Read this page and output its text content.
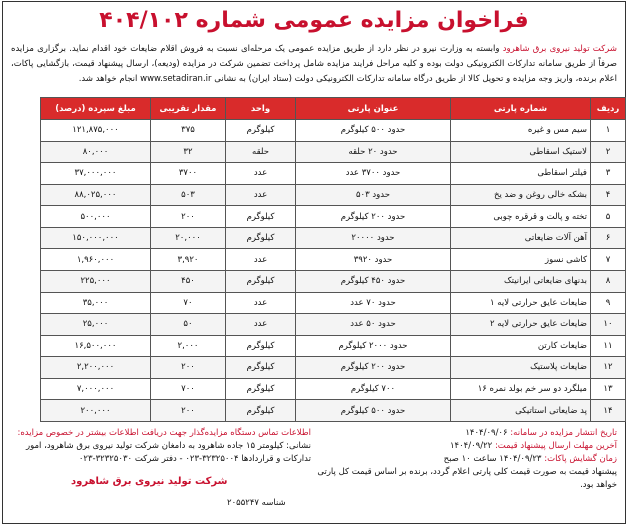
فراخوان مزایده عمومی شماره ۴۰۴/۱۰۲
شرکت تولید نیروی برق شاهرود وابسته به وزارت نیرو در نظر دارد از طریق مزایده عمومی یک مرحله‌ای نسبت به فروش اقلام ضایعات خود اقدام نماید. برگزاری مزایده صرفاً از طریق سامانه تدارکات الکترونیکی دولت بوده و کلیه مراحل فرایند مزایده شامل پرداخت تضمین شرکت در مزایده (ودیعه)، ارسال پیشنهاد قیمت، بازگشایی پاکات، اعلام برنده، واریز وجه مزایده و تحویل کالا از طریق درگاه سامانه تدارکات الکترونیکی دولت (ستاد ایران) به نشانی www.setadiran.ir انجام خواهد شد.
ردیف	شماره پارتی	عنوان پارتی	واحد	مقدار تقریبی	مبلغ سپرده (درصد)
۱	سیم مس و غیره	حدود ۵۰۰ کیلوگرم	کیلوگرم	۳۷۵	۱۲۱,۸۷۵,۰۰۰
۲	لاستیک اسقاطی	حدود ۲۰ حلقه	حلقه	۳۲	۸۰,۰۰۰
۳	فیلتر اسقاطی	حدود ۳۷۰۰ عدد	عدد	۳۷۰۰	۳۷,۰۰۰,۰۰۰
۴	بشکه خالی روغن و ضد یخ	حدود ۵۰۳	عدد	۵۰۳	۸۸,۰۲۵,۰۰۰
۵	تخته و پالت و قرقره چوبی	حدود ۲۰۰ کیلوگرم	کیلوگرم	۲۰۰	۵۰۰,۰۰۰
۶	آهن آلات ضایعاتی	حدود ۲۰۰۰۰	کیلوگرم	۲۰,۰۰۰	۱۵۰,۰۰۰,۰۰۰
۷	کاشی نسوز	حدود ۳۹۲۰	عدد	۳,۹۲۰	۱,۹۶۰,۰۰۰
۸	بدنهای ضایعاتی ایرانیتک	حدود ۴۵۰ کیلوگرم	کیلوگرم	۴۵۰	۲۲۵,۰۰۰
۹	ضایعات عایق حرارتی لایه ۱	حدود ۷۰ عدد	عدد	۷۰	۳۵,۰۰۰
۱۰	ضایعات عایق حرارتی لایه ۲	حدود ۵۰ عدد	عدد	۵۰	۲۵,۰۰۰
۱۱	ضایعات کارتن	حدود ۲۰۰۰ کیلوگرم	کیلوگرم	۲,۰۰۰	۱۶,۵۰۰,۰۰۰
۱۲	ضایعات پلاستیک	حدود ۲۰۰ کیلوگرم	کیلوگرم	۲۰۰	۲,۲۰۰,۰۰۰
۱۳	میلگرد دو سر خم بولد نمره ۱۶	۷۰۰ کیلوگرم	کیلوگرم	۷۰۰	۷,۰۰۰,۰۰۰
۱۴	پد ضایعاتی استاتیکی	حدود ۵۰۰ کیلوگرم	کیلوگرم	۲۰۰	۲۰۰,۰۰۰
تاریخ انتشار مزایده در سامانه: ۱۴۰۴/۰۹/۰۶
آخرین مهلت ارسال پیشنهاد قیمت: ۱۴۰۴/۰۹/۲۲
زمان گشایش پاکات: ۱۴۰۴/۰۹/۲۳ ساعت ۱۰ صبح
پیشنهاد قیمت به صورت قیمت کلی پارتی اعلام گردد، برنده بر اساس قیمت کل پارتی خواهد بود.
اطلاعات تماس دستگاه مزایده‌گذار جهت دریافت اطلاعات بیشتر در خصوص مزایده:
نشانی: کیلومتر ۱۵ جاده شاهرود به دامغان شرکت تولید نیروی برق شاهرود، امور تدارکات و قراردادها ۳۲۳۲۵۰۰۴-۰۲۳ - دفتر شرکت ۳۲۳۲۵۰۳۰-۰۲۳
شرکت تولید نیروی برق شاهرود
شناسه ۲۰۵۵۲۴۷
